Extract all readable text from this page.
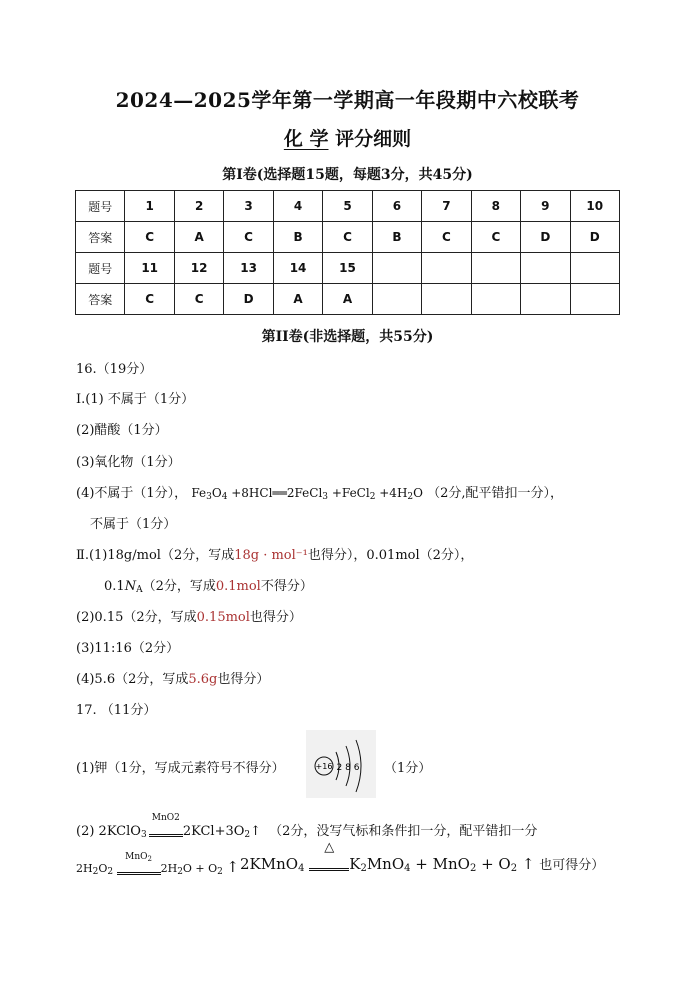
2024—2025学年第一学期高一年段期中六校联考
化 学 评分细则
第Ⅰ卷(选择题15题，每题3分，共45分)
题号	1	2	3	4	5	6	7	8	9	10
答案	C	A	C	B	C	B	C	C	D	D
题号	11	12	13	14	15					
答案	C	C	D	A	A					
第II卷(非选择题，共55分)
16.（19分）
Ⅰ.(1) 不属于（1分）
(2)醋酸（1分）
(3)氧化物（1分）
(4)不属于（1分）， $Fe_3O_4$ +8HCl══2FeCl$_3$ +FeCl$_2$ $+4H_2O$ （2分,配平错扣一分），
不属于（1分）
Ⅱ.(1)18g/mol（2分，写成18g · mol⁻¹也得分），0.01mol（2分），
$0.1N_A(2$分，写成0.1mol不得分）
(2)0.15（2分，写成0.15mol也得分）
(3)11:16（2分）
(4)5.6（2分，写成5.6g也得分）
17. （11分）
(1)钾（1分，写成元素符号不得分）	+16 2 8 6 （1分）
(2) 2KClO$_3$
MnO2
$2KCl+3O_2↑$ （2分，没写气标和条件扣一分，配平错扣一分
$2H_2O_2$
MnO$_2$
$2H_2O + O_2$ ↑ 2KMnO$_4$
△
$K_2MnO_4 + MnO_2 + O_2$ ↑ 也可得分）
